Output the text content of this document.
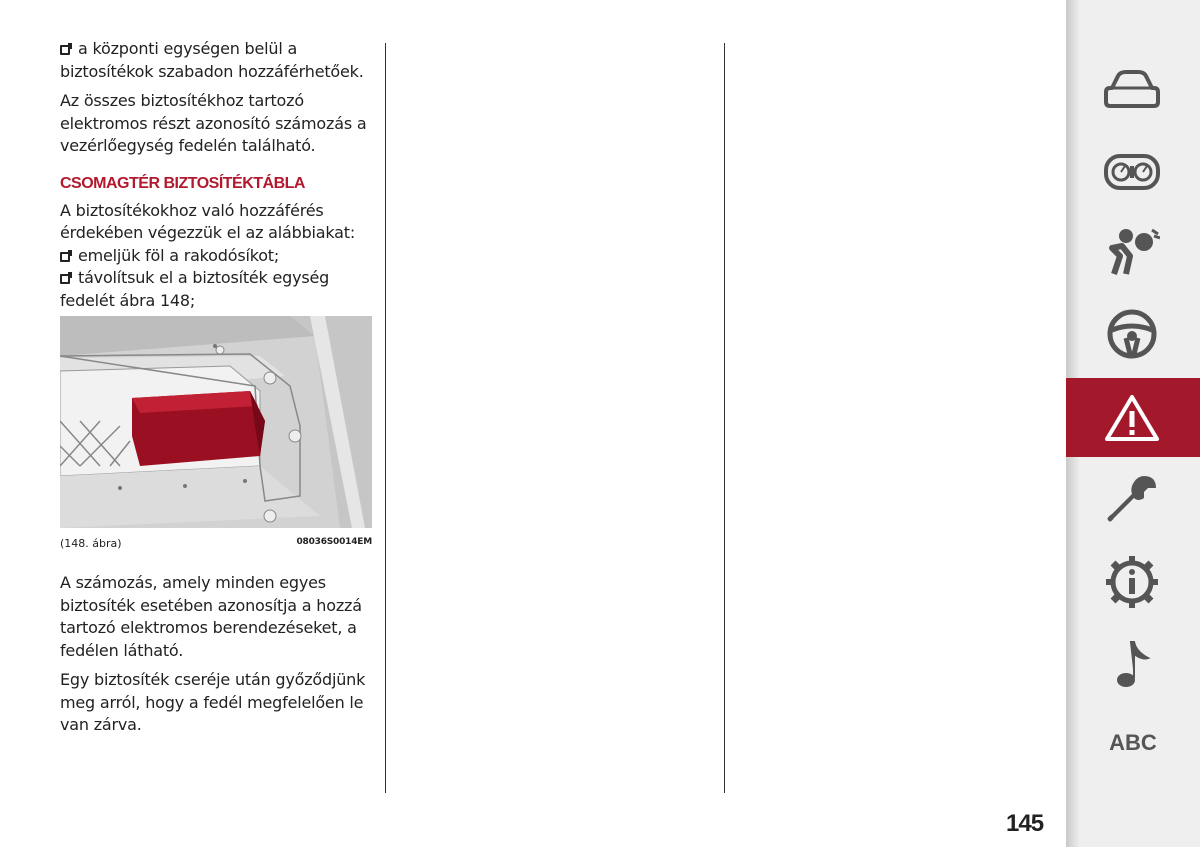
a központi egységen belül a biztosítékok szabadon hozzáférhetőek.

Az összes biztosítékhoz tartozó elektromos részt azonosító számozás a vezérlőegység fedelén található.

CSOMAGTÉR BIZTOSÍTÉKTÁBLA

A biztosítékokhoz való hozzáférés érdekében végezzük el az alábbiakat:

emeljük föl a rakodósíkot;

távolítsuk el a biztosíték egység fedelét ábra 148;

(148. ábra)	08036S0014EM

A számozás, amely minden egyes biztosíték esetében azonosítja a hozzá tartozó elektromos berendezéseket, a fedélen látható.

Egy biztosíték cseréje után győződjünk meg arról, hogy a fedél megfelelően le van zárva.

ABC
145
